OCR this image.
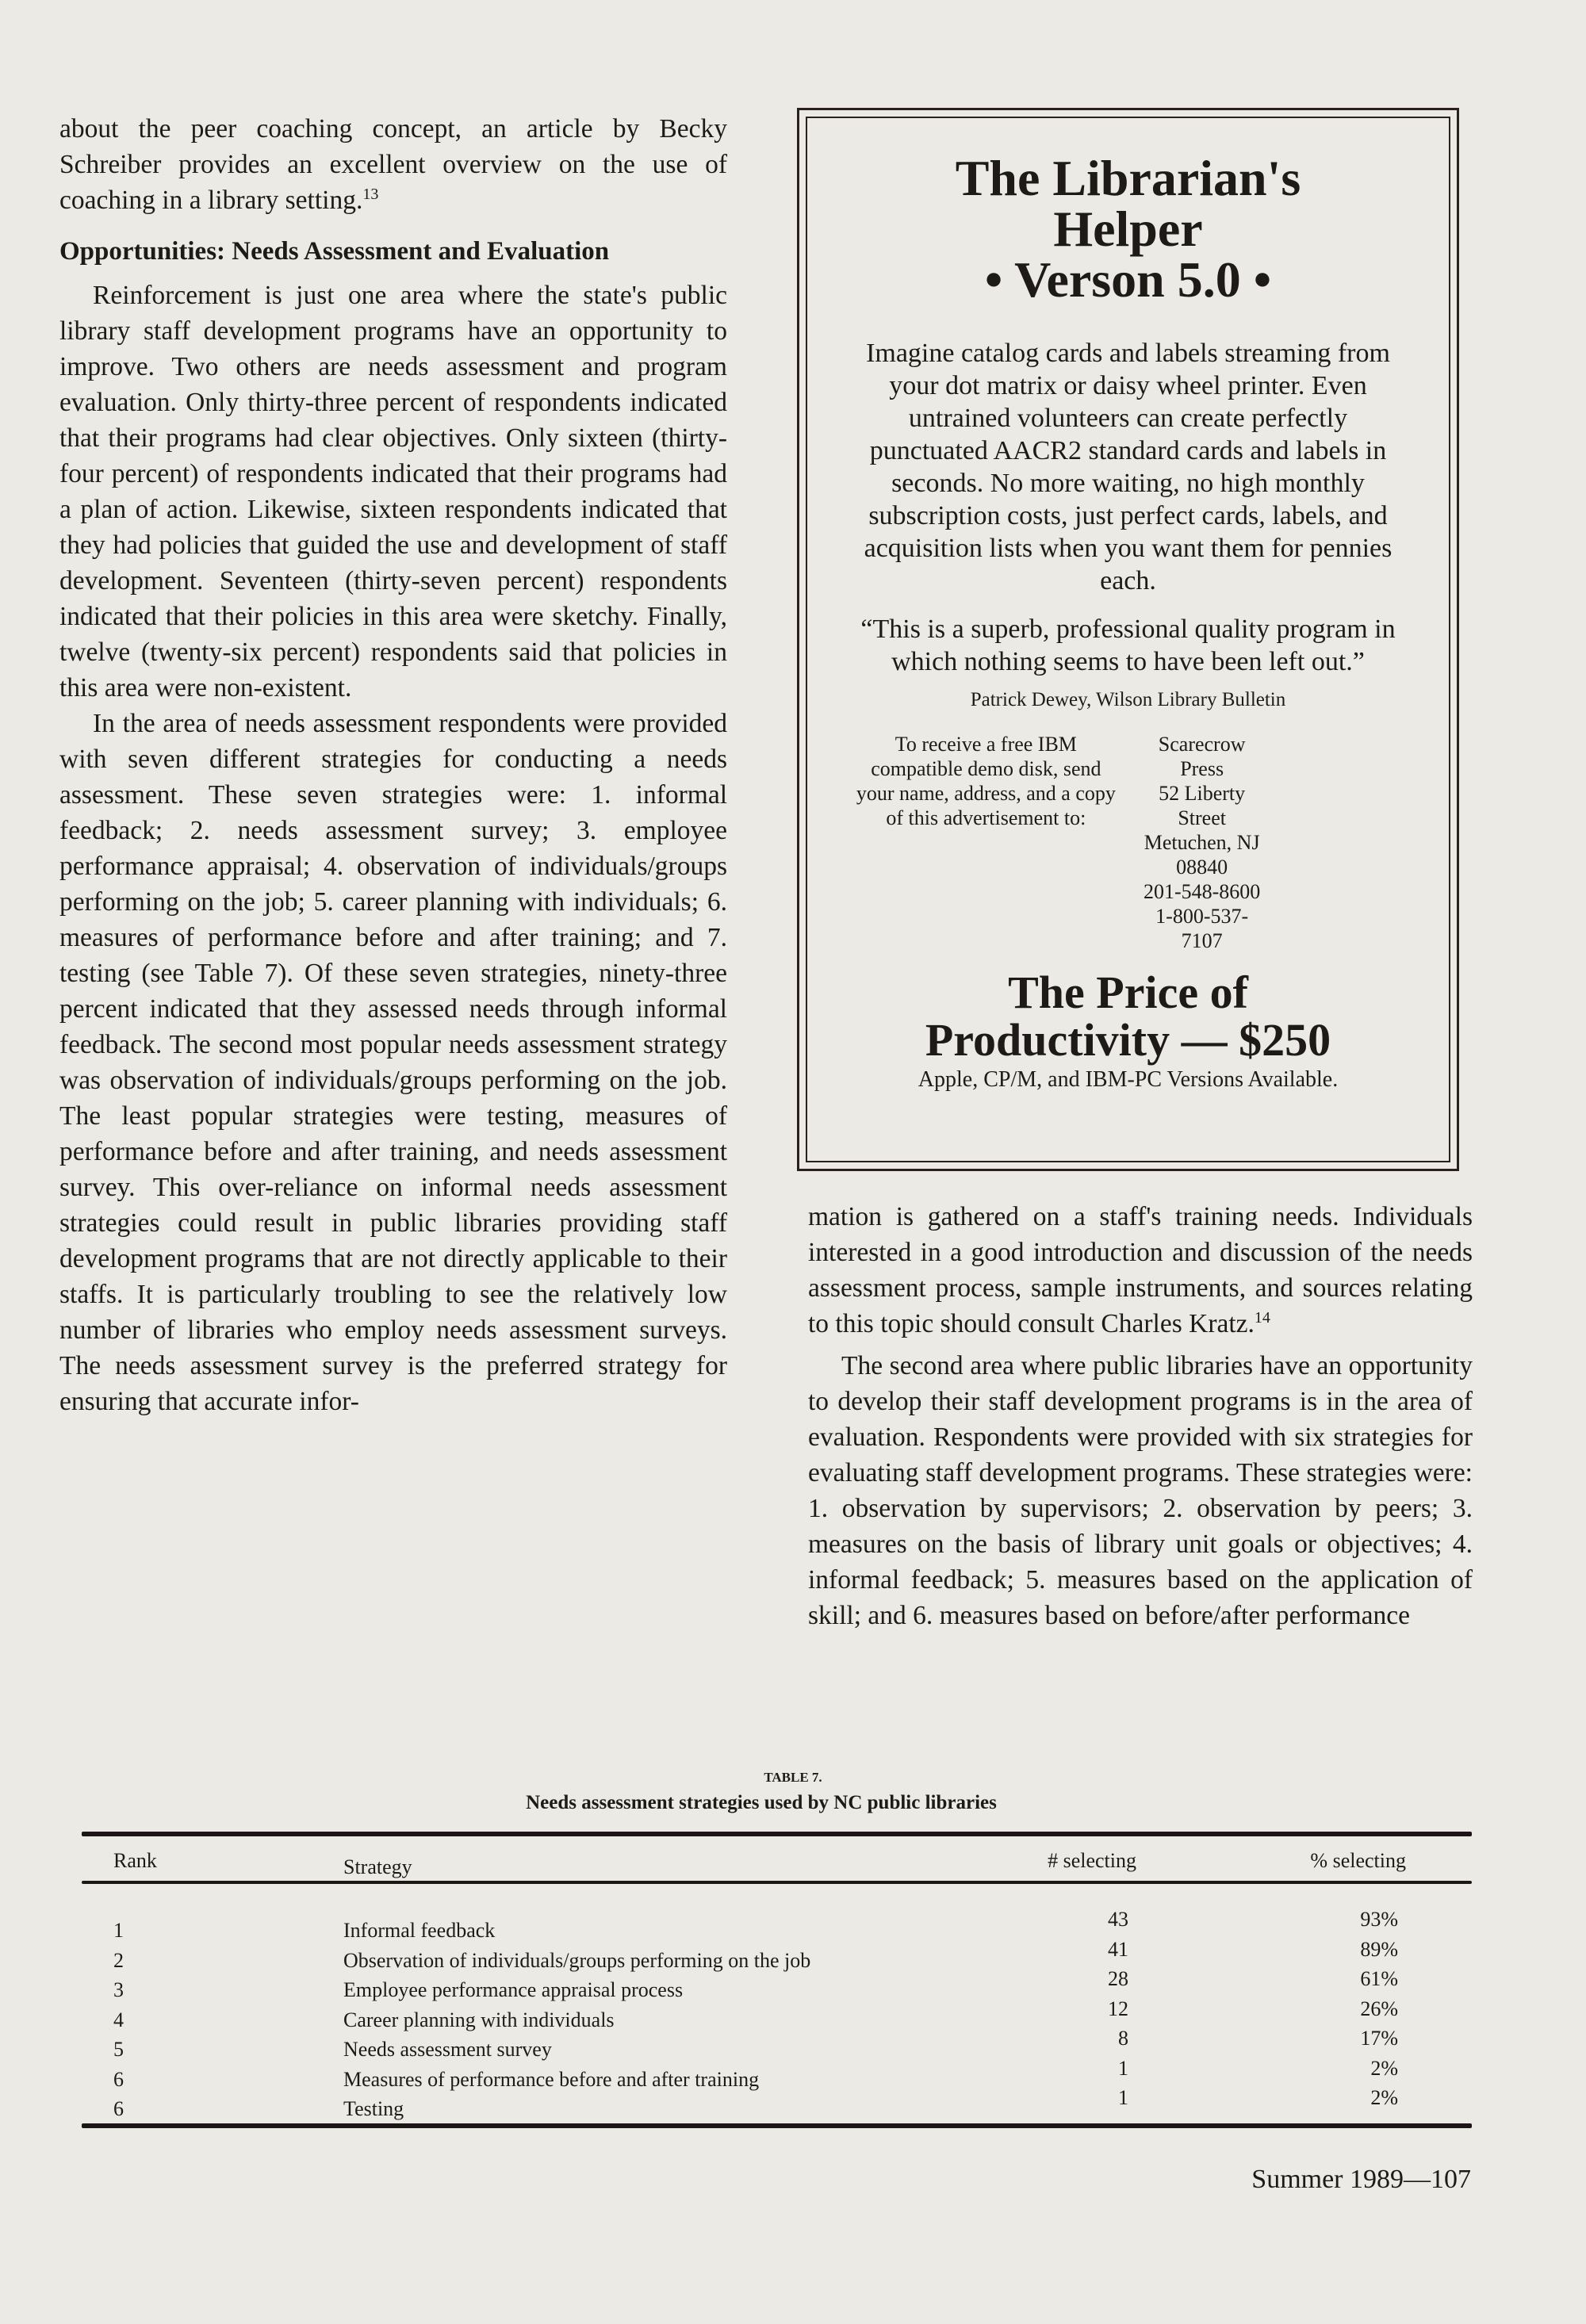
about the peer coaching concept, an article by Becky Schreiber provides an excellent overview on the use of coaching in a library setting.$^{13}$

Opportunities: Needs Assessment and Evaluation

Reinforcement is just one area where the state's public library staff development programs have an opportunity to improve. Two others are needs assessment and program evaluation. Only thirty-three percent of respondents indicated that their programs had clear objectives. Only sixteen (thirty-four percent) of respondents indicated that their programs had a plan of action. Likewise, sixteen respondents indicated that they had policies that guided the use and development of staff development. Seventeen (thirty-seven percent) respondents indicated that their policies in this area were sketchy. Finally, twelve (twenty-six percent) respondents said that policies in this area were non-existent.

In the area of needs assessment respondents were provided with seven different strategies for conducting a needs assessment. These seven strategies were: 1. informal feedback; 2. needs assessment survey; 3. employee performance appraisal; 4. observation of individuals/groups performing on the job; 5. career planning with individuals; 6. measures of performance before and after training; and 7. testing (see Table 7). Of these seven strategies, ninety-three percent indicated that they assessed needs through informal feedback. The second most popular needs assessment strategy was observation of individuals/groups performing on the job. The least popular strategies were testing, measures of performance before and after training, and needs assessment survey. This over-reliance on informal needs assessment strategies could result in public libraries providing staff development programs that are not directly applicable to their staffs. It is particularly troubling to see the relatively low number of libraries who employ needs assessment surveys. The needs assessment survey is the preferred strategy for ensuring that accurate infor-

The Librarian's
Helper
• Verson 5.0 •
Imagine catalog cards and labels streaming from your dot matrix or daisy wheel printer. Even untrained volunteers can create perfectly punctuated AACR2 standard cards and labels in seconds. No more waiting, no high monthly subscription costs, just perfect cards, labels, and acquisition lists when you want them for pennies each.
“This is a superb, professional quality program in which nothing seems to have been left out.”
Patrick Dewey, Wilson Library Bulletin
To receive a free IBM compatible demo disk, send your name, address, and a copy of this advertisement to:
Scarecrow Press
52 Liberty Street
Metuchen, NJ 08840
201-548-8600
1-800-537-7107
The Price of
Productivity — $250
Apple, CP/M, and IBM-PC Versions Available.

mation is gathered on a staff's training needs. Individuals interested in a good introduction and discussion of the needs assessment process, sample instruments, and sources relating to this topic should consult Charles Kratz.$^{14}$

The second area where public libraries have an opportunity to develop their staff development programs is in the area of evaluation. Respondents were provided with six strategies for evaluating staff development programs. These strategies were: 1. observation by supervisors; 2. observation by peers; 3. measures on the basis of library unit goals or objectives; 4. informal feedback; 5. measures based on the application of skill; and 6. measures based on before/after performance

TABLE 7.
Needs assessment strategies used by NC public libraries
Rank	Strategy	# selecting	% selecting
1	Informal feedback	43	93%
2	Observation of individuals/groups performing on the job	41	89%
3	Employee performance appraisal process	28	61%
4	Career planning with individuals	12	26%
5	Needs assessment survey	8	17%
6	Measures of performance before and after training	1	2%
6	Testing	1	2%
Summer 1989—107
